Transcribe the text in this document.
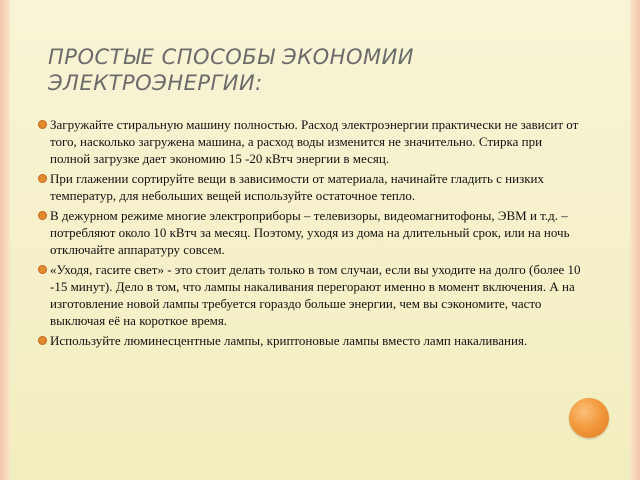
ПРОСТЫЕ СПОСОБЫ ЭКОНОМИИ ЭЛЕКТРОЭНЕРГИИ:
Загружайте стиральную машину полностью. Расход электроэнергии практически не зависит от того, насколько загружена машина, а расход воды изменится не значительно. Стирка при полной загрузке дает экономию 15 -20 кВтч энергии в месяц.
При глажении сортируйте вещи в зависимости от материала, начинайте гладить с низких температур, для небольших вещей используйте остаточное тепло.
В дежурном режиме многие электроприборы – телевизоры, видеомагнитофоны, ЭВМ и т.д. – потребляют около 10 кВтч за месяц. Поэтому, уходя из дома на длительный срок, или на ночь отключайте аппаратуру совсем.
«Уходя, гасите свет» - это стоит делать только в том случаи, если вы уходите на долго (более 10 -15 минут). Дело в том, что лампы накаливания перегорают именно в момент включения. А на изготовление новой лампы требуется гораздо больше энергии, чем вы сэкономите, часто выключая её на короткое время.
Используйте люминесцентные лампы, криптоновые лампы вместо ламп накаливания.
